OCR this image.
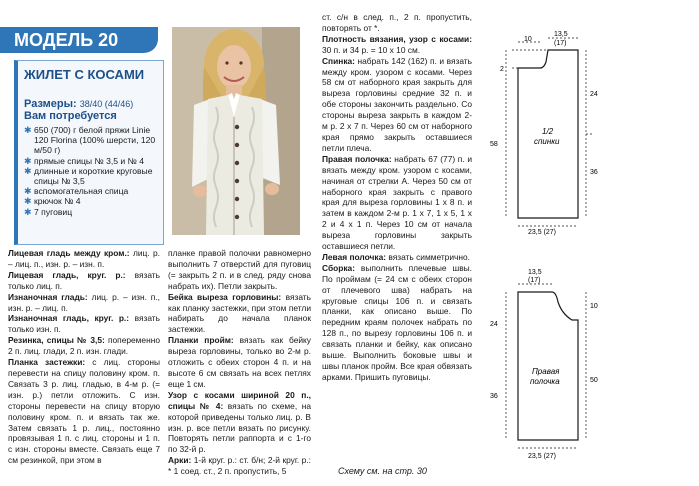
МОДЕЛЬ 20
ЖИЛЕТ С КОСАМИ
Размеры: 38/40 (44/46)
Вам потребуется
✱ 650 (700) г белой пряжи Linie 120 Florina (100% шерсти, 120 м/50 г)
✱ прямые спицы № 3,5 и № 4
✱ длинные и короткие круговые спицы № 3,5
✱ вспомогательная спица
✱ крючок № 4
✱ 7 пуговиц

Лицевая гладь между кром.: лиц. р. – лиц. п., изн. р. – изн. п.

Лицевая гладь, круг. р.: вязать только лиц. п.

Изнаночная гладь: лиц. р. – изн. п., изн. р. – лиц. п.

Изнаночная гладь, круг. р.: вязать только изн. п.

Резинка, спицы № 3,5: попеременно 2 п. лиц. глади, 2 п. изн. глади.

Планка застежки: с лиц. стороны перевести на спицу половину кром. п. Связать 3 р. лиц. гладью, в 4-м р. (= изн. р.) петли отложить. С изн. стороны перевести на спицу вторую половину кром. п. и вязать так же. Затем связать 1 р. лиц., постоянно провязывая 1 п. с лиц. стороны и 1 п. с изн. стороны вместе. Связать еще 7 см резинкой, при этом в

планке правой полочки равномерно выполнить 7 отверстий для пуговиц (= закрыть 2 п. и в след. ряду снова набрать их). Петли закрыть.

Бейка выреза горловины: вязать как планку застежки, при этом петли набирать до начала планок застежки.

Планки пройм: вязать как бейку выреза горловины, только во 2-м р. отложить с обеих сторон 4 п. и на высоте 6 см связать на всех петлях еще 1 см.

Узор с косами шириной 20 п., спицы № 4: вязать по схеме, на которой приведены только лиц. р. В изн. р. все петли вязать по рисунку. Повторять петли раппорта и с 1-го по 32-й р.

Арки: 1-й круг. р.: ст. б/н; 2-й круг. р.: * 1 соед. ст., 2 п. пропустить, 5

ст. с/н в след. п., 2 п. пропустить, повторять от *.

Плотность вязания, узор с косами: 30 п. и 34 р. = 10 х 10 см.

Спинка: набрать 142 (162) п. и вязать между кром. узором с косами. Через 58 см от наборного края закрыть для выреза горловины средние 32 п. и обе стороны закончить раздельно. Со стороны выреза закрыть в каждом 2-м р. 2 х 7 п. Через 60 см от наборного края прямо закрыть оставшиеся петли плеча.

Правая полочка: набрать 67 (77) п. и вязать между кром. узором с косами, начиная от стрелки А. Через 50 см от наборного края закрыть с правого края для выреза горловины 1 х 8 п. и затем в каждом 2-м р. 1 х 7, 1 х 5, 1 х 2 и 4 х 1 п. Через 10 см от начала выреза горловины закрыть оставшиеся петли.

Левая полочка: вязать симметрично.

Сборка: выполнить плечевые швы. По проймам (= 24 см с обеих сторон от плечевого шва) набрать на круговые спицы 106 п. и связать планки, как описано выше. По передним краям полочек набрать по 128 п., по вырезу горловины 106 п. и связать планки и бейку, как описано выше. Выполнить боковые швы и швы планок пройм. Все края обвязать арками. Пришить пуговицы.

Схему см. на стр. 30
10
13,5
(17)
2
58
24
36
23,5 (27)
1/2
спинки
13,5
(17)
10
24
36
50
23,5 (27)
Правая
полочка
